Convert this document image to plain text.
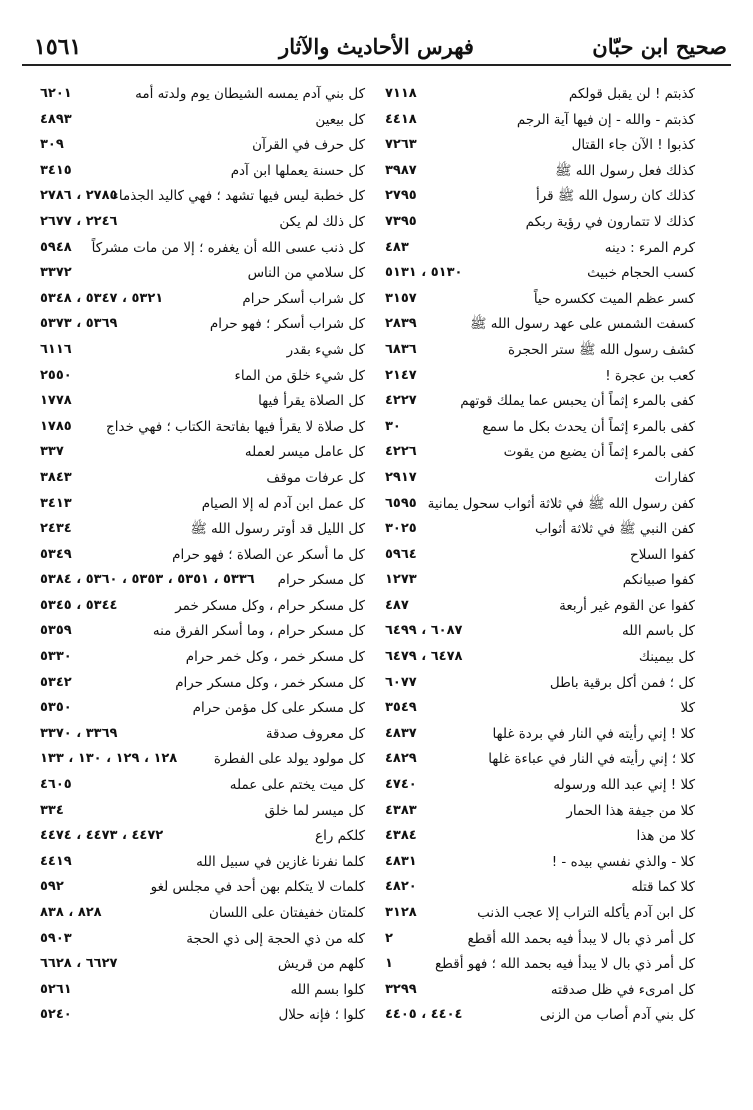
صحيح ابن حبّان
فهرس الأحاديث والآثار
١٥٦١
كذبتم ! لن يقبل قولكم
٧١١٨
كذبتم - والله - إن فيها آية الرجم
٤٤١٨
كذبوا ! الآن جاء القتال
٧٢٦٣
كذلك فعل رسول الله ﷺ
٣٩٨٧
كذلك كان رسول الله ﷺ قرأ
٢٧٩٥
كذلك لا تتمارون في رؤية ربكم
٧٣٩٥
كرم المرء : دينه
٤٨٣
كسب الحجام خبيث
٥١٣٠ ، ٥١٣١
كسر عظم الميت ككسره حياً
٣١٥٧
كسفت الشمس على عهد رسول الله ﷺ
٢٨٣٩
كشف رسول الله ﷺ ستر الحجرة
٦٨٣٦
كعب بن عجرة !
٢١٤٧
كفى بالمرء إثماً أن يحبس عما يملك قوتهم
٤٢٢٧
كفى بالمرء إثماً أن يحدث بكل ما سمع
٣٠
كفى بالمرء إثماً أن يضيع من يقوت
٤٢٢٦
كفارات
٢٩١٧
كفن رسول الله ﷺ في ثلاثة أثواب سحول يمانية
٦٥٩٥
كفن النبي ﷺ في ثلاثة أثواب
٣٠٢٥
كفوا السلاح
٥٩٦٤
كفوا صبيانكم
١٢٧٣
كفوا عن القوم غير أربعة
٤٨٧
كل باسم الله
٦٠٨٧ ، ٦٤٩٩
كل بيمينك
٦٤٧٨ ، ٦٤٧٩
كل ؛ فمن أكل برقية باطل
٦٠٧٧
كلا
٣٥٤٩
كلا ! إني رأيته في النار في بردة غلها
٤٨٣٧
كلا ؛ إني رأيته في النار في عباءة غلها
٤٨٢٩
كلا ! إني عبد الله ورسوله
٤٧٤٠
كلا من جيفة هذا الحمار
٤٣٨٣
كلا من هذا
٤٣٨٤
كلا - والذي نفسي بيده - !
٤٨٣١
كلا كما قتله
٤٨٢٠
كل ابن آدم يأكله التراب إلا عجب الذنب
٣١٢٨
كل أمر ذي بال لا يبدأ فيه بحمد الله أقطع
٢
كل أمر ذي بال لا يبدأ فيه بحمد الله ؛ فهو أقطع
١
كل امرىء في ظل صدقته
٣٢٩٩
كل بني آدم أصاب من الزنى
٤٤٠٤ ، ٤٤٠٥
كل بني آدم يمسه الشيطان يوم ولدته أمه
٦٢٠١
كل بيعين
٤٨٩٣
كل حرف في القرآن
٣٠٩
كل حسنة يعملها ابن آدم
٣٤١٥
كل خطبة ليس فيها تشهد ؛ فهي كاليد الجذماء
٢٧٨٥ ، ٢٧٨٦
كل ذلك لم يكن
٢٢٤٦ ، ٢٦٧٧
كل ذنب عسى الله أن يغفره ؛ إلا من مات مشركاً
٥٩٤٨
كل سلامي من الناس
٣٣٧٢
كل شراب أسكر حرام
٥٣٢١ ، ٥٣٤٧ ، ٥٣٤٨
كل شراب أسكر ؛ فهو حرام
٥٣٦٩ ، ٥٣٧٣
كل شيء بقدر
٦١١٦
كل شيء خلق من الماء
٢٥٥٠
كل الصلاة يقرأ فيها
١٧٧٨
كل صلاة لا يقرأ فيها بفاتحة الكتاب ؛ فهي خداج
١٧٨٥
كل عامل ميسر لعمله
٣٣٧
كل عرفات موقف
٣٨٤٣
كل عمل ابن آدم له إلا الصيام
٣٤١٣
كل الليل قد أوتر رسول الله ﷺ
٢٤٣٤
كل ما أسكر عن الصلاة ؛ فهو حرام
٥٣٤٩
كل مسكر حرام
٥٣٣٦ ، ٥٣٥١ ، ٥٣٥٣ ، ٥٣٦٠ ، ٥٣٨٤
كل مسكر حرام ، وكل مسكر خمر
٥٣٤٤ ، ٥٣٤٥
كل مسكر حرام ، وما أسكر الفرق منه
٥٣٥٩
كل مسكر خمر ، وكل خمر حرام
٥٣٣٠
كل مسكر خمر ، وكل مسكر حرام
٥٣٤٢
كل مسكر على كل مؤمن حرام
٥٣٥٠
كل معروف صدقة
٣٣٦٩ ، ٣٣٧٠
كل مولود يولد على الفطرة
١٢٨ ، ١٢٩ ، ١٣٠ ، ١٣٣
كل ميت يختم على عمله
٤٦٠٥
كل ميسر لما خلق
٣٣٤
كلكم راع
٤٤٧٢ ، ٤٤٧٣ ، ٤٤٧٤
كلما نفرنا غازين في سبيل الله
٤٤١٩
كلمات لا يتكلم بهن أحد في مجلس لغو
٥٩٢
كلمتان خفيفتان على اللسان
٨٢٨ ، ٨٣٨
كله من ذي الحجة إلى ذي الحجة
٥٩٠٣
كلهم من قريش
٦٦٢٧ ، ٦٦٢٨
كلوا بسم الله
٥٢٦١
كلوا ؛ فإنه حلال
٥٢٤٠
